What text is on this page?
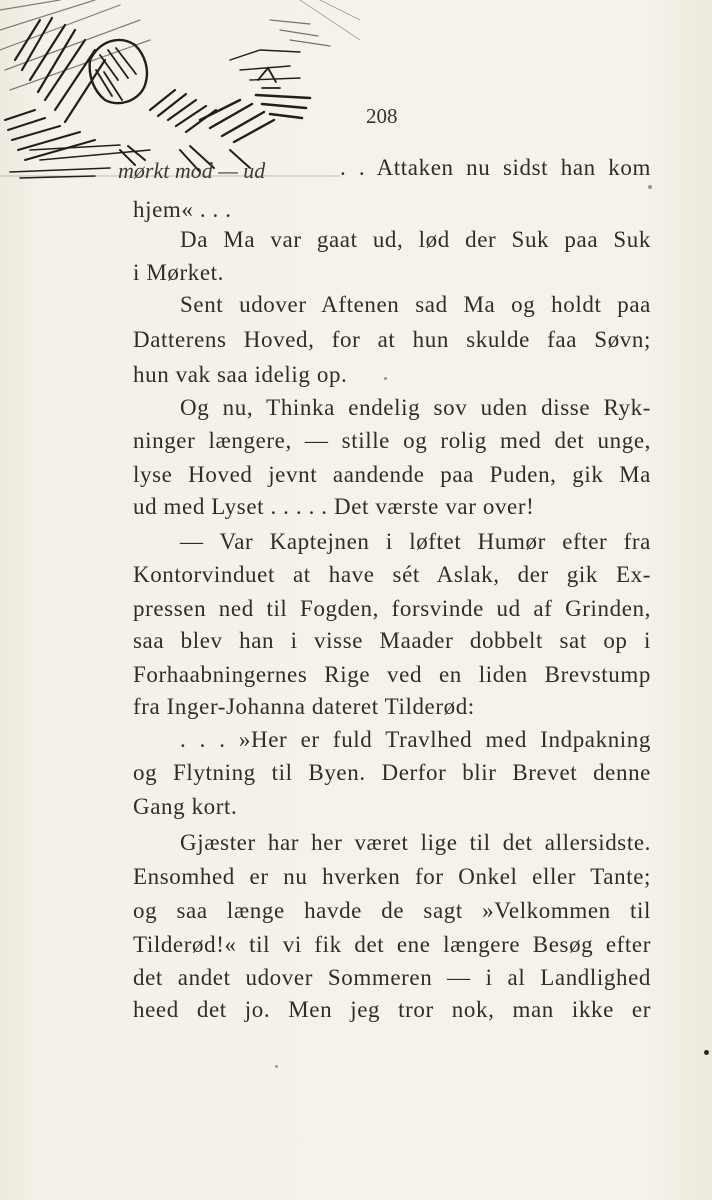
mørkt mod — ud
208
. . Attaken nu sidst han kom
hjem« . . .
Da Ma var gaat ud, lød der Suk paa Suk
i Mørket.
Sent udover Aftenen sad Ma og holdt paa
Datterens Hoved, for at hun skulde faa Søvn;
hun vak saa idelig op.
Og nu, Thinka endelig sov uden disse Ryk-
ninger længere, — stille og rolig med det unge,
lyse Hoved jevnt aandende paa Puden, gik Ma
ud med Lyset . . . . . Det værste var over!
— Var Kaptejnen i løftet Humør efter fra
Kontorvinduet at have sét Aslak, der gik Ex-
pressen ned til Fogden, forsvinde ud af Grinden,
saa blev han i visse Maader dobbelt sat op i
Forhaabningernes Rige ved en liden Brevstump
fra Inger-Johanna dateret Tilderød:
. . . »Her er fuld Travlhed med Indpakning
og Flytning til Byen. Derfor blir Brevet denne
Gang kort.
Gjæster har her været lige til det allersidste.
Ensomhed er nu hverken for Onkel eller Tante;
og saa længe havde de sagt »Velkommen til
Tilderød!« til vi fik det ene længere Besøg efter
det andet udover Sommeren — i al Landlighed
heed det jo. Men jeg tror nok, man ikke er
